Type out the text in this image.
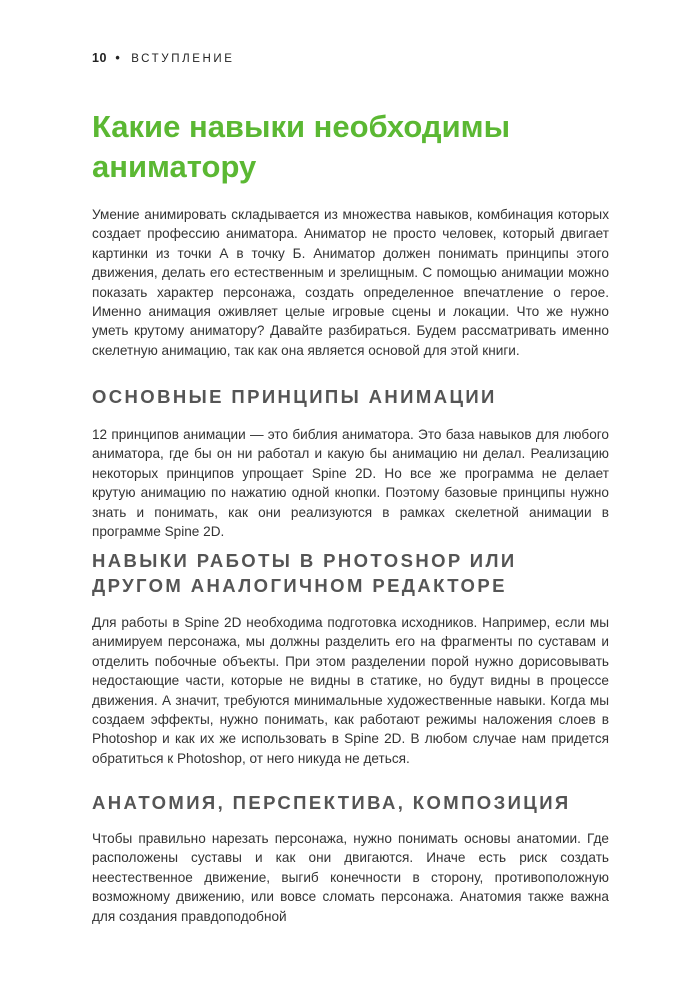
10 • ВСТУПЛЕНИЕ
Какие навыки необходимы аниматору

Умение анимировать складывается из множества навыков, комбинация которых создает профессию аниматора. Аниматор не просто человек, который двигает картинки из точки А в точку Б. Аниматор должен понимать принципы этого движения, делать его естественным и зрелищным. С помощью анимации можно показать характер персонажа, создать определенное впечатление о герое. Именно анимация оживляет целые игровые сцены и локации. Что же нужно уметь крутому аниматору? Давайте разбираться. Будем рассматривать именно скелетную анимацию, так как она является основой для этой книги.

ОСНОВНЫЕ ПРИНЦИПЫ АНИМАЦИИ

12 принципов анимации — это библия аниматора. Это база навыков для любого аниматора, где бы он ни работал и какую бы анимацию ни делал. Реализацию некоторых принципов упрощает Spine 2D. Но все же программа не делает крутую анимацию по нажатию одной кнопки. Поэтому базовые принципы нужно знать и понимать, как они реализуются в рамках скелетной анимации в программе Spine 2D.

НАВЫКИ РАБОТЫ В PHOTOSHOP ИЛИ ДРУГОМ АНАЛОГИЧНОМ РЕДАКТОРЕ

Для работы в Spine 2D необходима подготовка исходников. Например, если мы анимируем персонажа, мы должны разделить его на фрагменты по суставам и отделить побочные объекты. При этом разделении порой нужно дорисовывать недостающие части, которые не видны в статике, но будут видны в процессе движения. А значит, требуются минимальные художественные навыки. Когда мы создаем эффекты, нужно понимать, как работают режимы наложения слоев в Photoshop и как их же использовать в Spine 2D. В любом случае нам придется обратиться к Photoshop, от него никуда не деться.

АНАТОМИЯ, ПЕРСПЕКТИВА, КОМПОЗИЦИЯ

Чтобы правильно нарезать персонажа, нужно понимать основы анатомии. Где расположены суставы и как они двигаются. Иначе есть риск создать неестественное движение, выгиб конечности в сторону, противоположную возможному движению, или вовсе сломать персонажа. Анатомия также важна для создания правдоподобной
